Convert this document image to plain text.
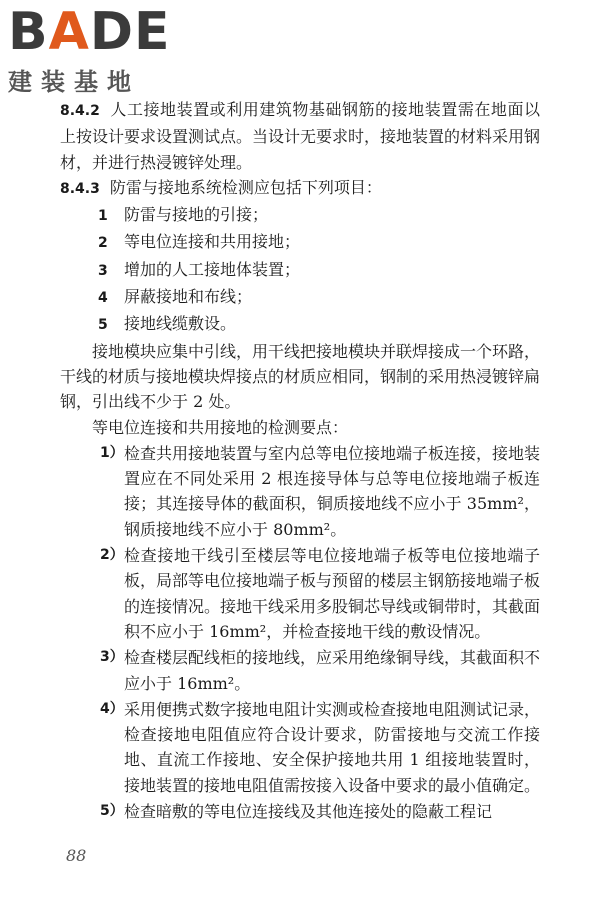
BADE
建装基地

8.4.2 人工接地装置或利用建筑物基础钢筋的接地装置需在地面以上按设计要求设置测试点。当设计无要求时，接地装置的材料采用钢材，并进行热浸镀锌处理。

8.4.3 防雷与接地系统检测应包括下列项目：

1 防雷与接地的引接；

2 等电位连接和共用接地；

3 增加的人工接地体装置；

4 屏蔽接地和布线；

5 接地线缆敷设。

接地模块应集中引线，用干线把接地模块并联焊接成一个环路，干线的材质与接地模块焊接点的材质应相同，钢制的采用热浸镀锌扁钢，引出线不少于 2 处。

等电位连接和共用接地的检测要点：

1） 检查共用接地装置与室内总等电位接地端子板连接，接地装置应在不同处采用 2 根连接导体与总等电位接地端子板连接；其连接导体的截面积，铜质接地线不应小于 35mm²，钢质接地线不应小于 80mm²。

2） 检查接地干线引至楼层等电位接地端子板等电位接地端子板，局部等电位接地端子板与预留的楼层主钢筋接地端子板的连接情况。接地干线采用多股铜芯导线或铜带时，其截面积不应小于 16mm²，并检查接地干线的敷设情况。

3） 检查楼层配线柜的接地线，应采用绝缘铜导线，其截面积不应小于 16mm²。

4） 采用便携式数字接地电阻计实测或检查接地电阻测试记录，检查接地电阻值应符合设计要求，防雷接地与交流工作接地、直流工作接地、安全保护接地共用 1 组接地装置时，接地装置的接地电阻值需按接入设备中要求的最小值确定。

5） 检查暗敷的等电位连接线及其他连接处的隐蔽工程记

88
